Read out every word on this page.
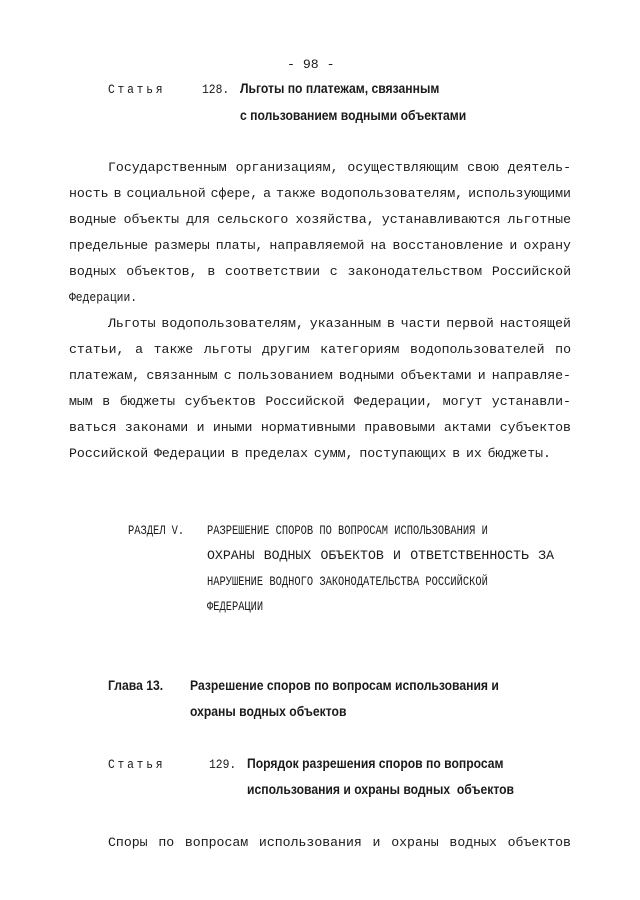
- 98 -
Статья	128. Льготы по платежам, связанным
с пользованием водными объектами
Государственным организациям, осуществляющим свою деятель-
ность в социальной сфере, а также водопользователям, использующими
водные объекты для сельского хозяйства, устанавливаются льготные
предельные размеры платы, направляемой на восстановление и охрану
водных объектов, в соответствии с законодательством Российской
Федерации.
Льготы водопользователям, указанным в части первой настоящей
статьи, а также льготы другим категориям водопользователей по
платежам, связанным с пользованием водными объектами и направляе-
мым в бюджеты субъектов Российской Федерации, могут устанавли-
ваться законами и иными нормативными правовыми актами субъектов
Российской Федерации в пределах сумм, поступающих в их бюджеты.
РАЗДЕЛ V. РАЗРЕШЕНИЕ СПОРОВ ПО ВОПРОСАМ ИСПОЛЬЗОВАНИЯ И
ОХРАНЫ ВОДНЫХ ОБЪЕКТОВ И ОТВЕТСТВЕННОСТЬ ЗА
НАРУШЕНИЕ ВОДНОГО ЗАКОНОДАТЕЛЬСТВА РОССИЙСКОЙ
ФЕДЕРАЦИИ
Глава 13. Разрешение споров по вопросам использования и
охраны водных объектов
Статья	129. Порядок разрешения споров по вопросам
использования и охраны водных  объектов
Споры по вопросам использования и охраны водных объектов
